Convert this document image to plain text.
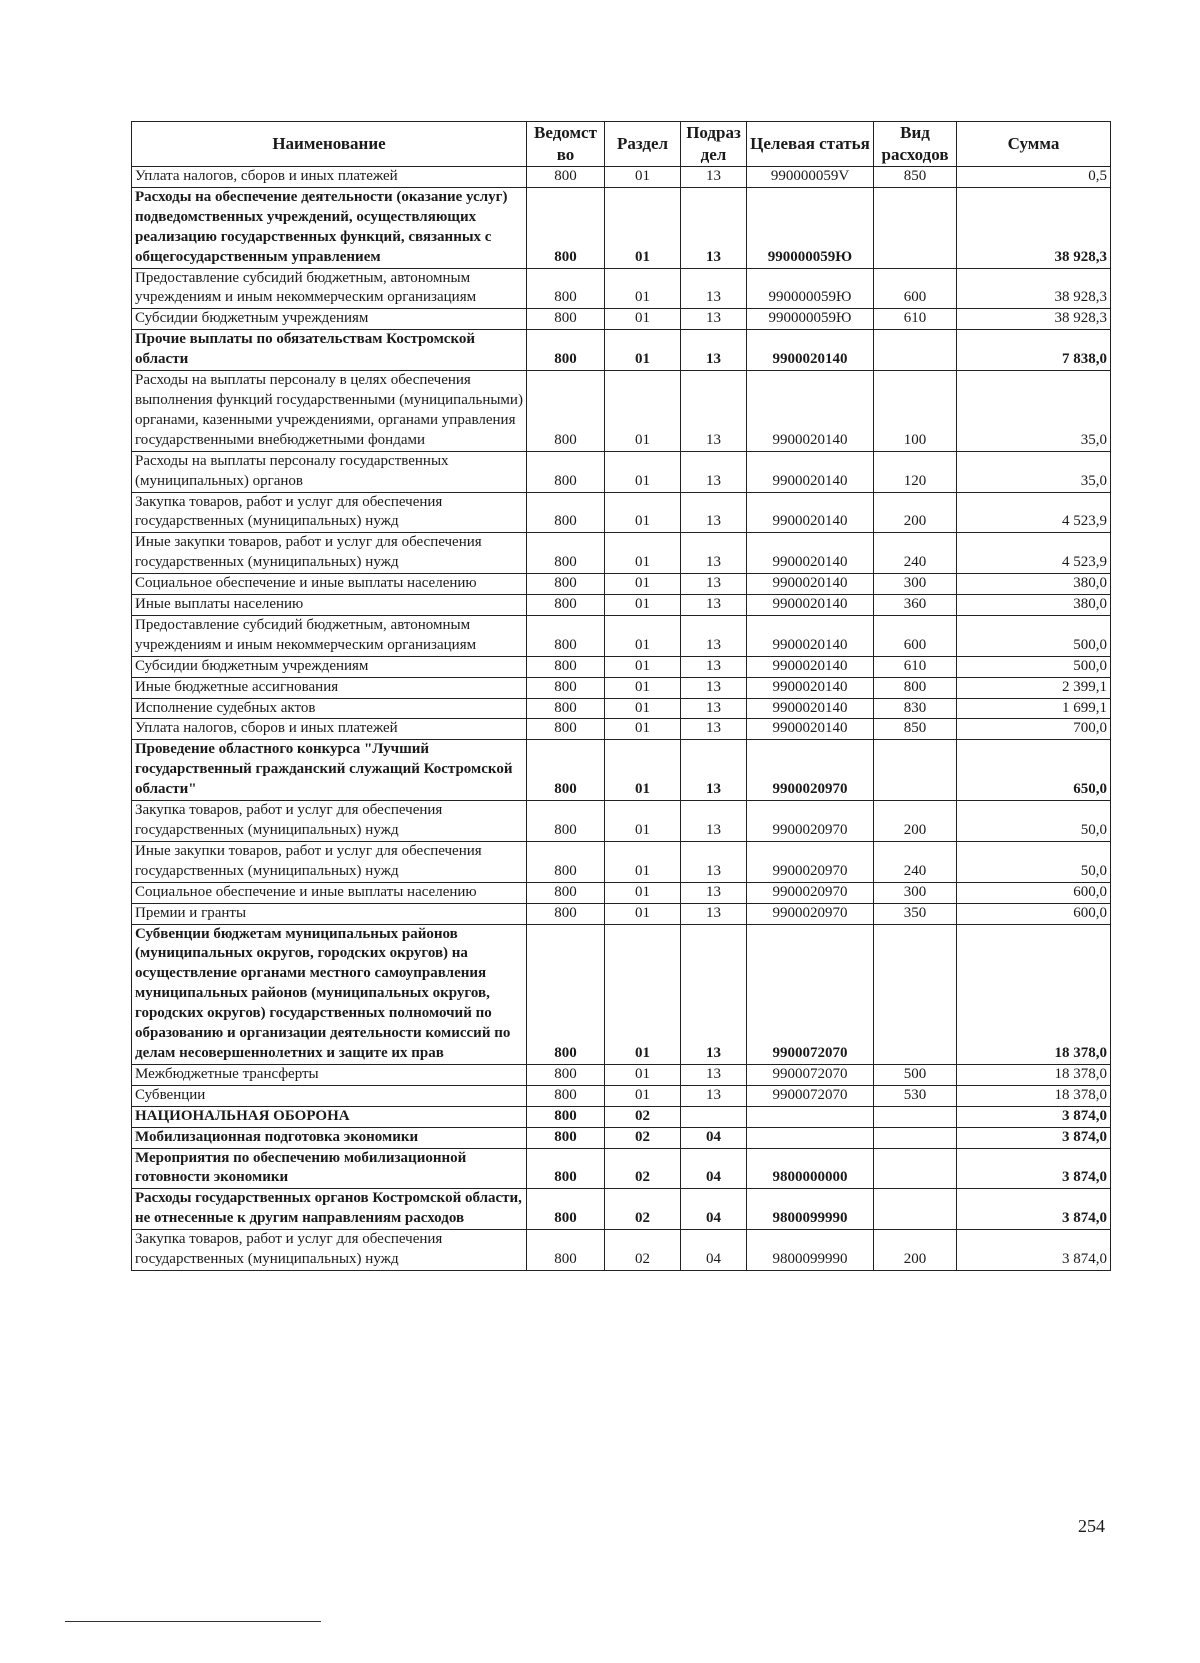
Наименование	Ведомст во	Раздел	Подраз дел	Целевая статья	Вид расходов	Сумма
Уплата налогов, сборов и иных платежей	800	01	13	990000059V	850	0,5
Расходы на обеспечение деятельности (оказание услуг) подведомственных учреждений, осуществляющих реализацию государственных функций, связанных с общегосударственным управлением	800	01	13	990000059Ю		38 928,3
Предоставление субсидий бюджетным, автономным учреждениям и иным некоммерческим организациям	800	01	13	990000059Ю	600	38 928,3
Субсидии бюджетным учреждениям	800	01	13	990000059Ю	610	38 928,3
Прочие выплаты по обязательствам Костромской области	800	01	13	9900020140		7 838,0
Расходы на выплаты персоналу в целях обеспечения выполнения функций государственными (муниципальными) органами, казенными учреждениями, органами управления государственными внебюджетными фондами	800	01	13	9900020140	100	35,0
Расходы на выплаты персоналу государственных (муниципальных) органов	800	01	13	9900020140	120	35,0
Закупка товаров, работ и услуг для обеспечения государственных (муниципальных) нужд	800	01	13	9900020140	200	4 523,9
Иные закупки товаров, работ и услуг для обеспечения государственных (муниципальных) нужд	800	01	13	9900020140	240	4 523,9
Социальное обеспечение и иные выплаты населению	800	01	13	9900020140	300	380,0
Иные выплаты населению	800	01	13	9900020140	360	380,0
Предоставление субсидий бюджетным, автономным учреждениям и иным некоммерческим организациям	800	01	13	9900020140	600	500,0
Субсидии бюджетным учреждениям	800	01	13	9900020140	610	500,0
Иные бюджетные ассигнования	800	01	13	9900020140	800	2 399,1
Исполнение судебных актов	800	01	13	9900020140	830	1 699,1
Уплата налогов, сборов и иных платежей	800	01	13	9900020140	850	700,0
Проведение областного конкурса "Лучший государственный гражданский служащий Костромской области"	800	01	13	9900020970		650,0
Закупка товаров, работ и услуг для обеспечения государственных (муниципальных) нужд	800	01	13	9900020970	200	50,0
Иные закупки товаров, работ и услуг для обеспечения государственных (муниципальных) нужд	800	01	13	9900020970	240	50,0
Социальное обеспечение и иные выплаты населению	800	01	13	9900020970	300	600,0
Премии и гранты	800	01	13	9900020970	350	600,0
Субвенции бюджетам муниципальных районов (муниципальных округов, городских округов) на осуществление органами местного самоуправления муниципальных районов (муниципальных округов, городских округов) государственных полномочий по образованию и организации деятельности комиссий по делам несовершеннолетних и защите их прав	800	01	13	9900072070		18 378,0
Межбюджетные трансферты	800	01	13	9900072070	500	18 378,0
Субвенции	800	01	13	9900072070	530	18 378,0
НАЦИОНАЛЬНАЯ ОБОРОНА	800	02				3 874,0
Мобилизационная подготовка экономики	800	02	04			3 874,0
Мероприятия по обеспечению мобилизационной готовности экономики	800	02	04	9800000000		3 874,0
Расходы государственных органов Костромской области, не отнесенные к другим направлениям расходов	800	02	04	9800099990		3 874,0
Закупка товаров, работ и услуг для обеспечения государственных (муниципальных) нужд	800	02	04	9800099990	200	3 874,0
254
